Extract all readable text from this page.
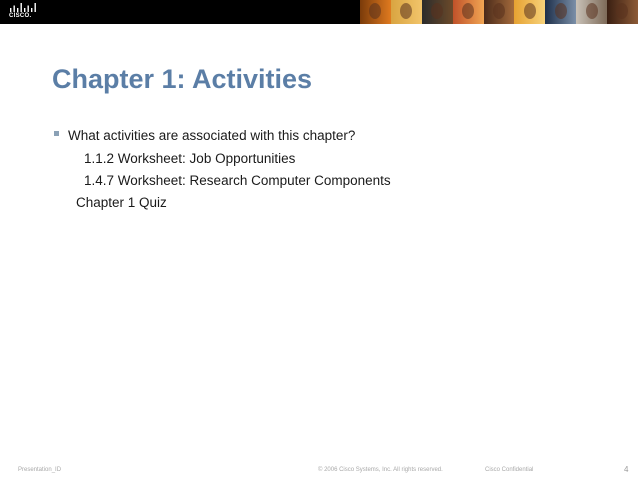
CISCO.
Chapter 1: Activities
What activities are associated with this chapter?
1.1.2 Worksheet: Job Opportunities
1.4.7 Worksheet: Research Computer Components
Chapter 1 Quiz
Presentation_ID	© 2006 Cisco Systems, Inc. All rights reserved.	Cisco Confidential	4
